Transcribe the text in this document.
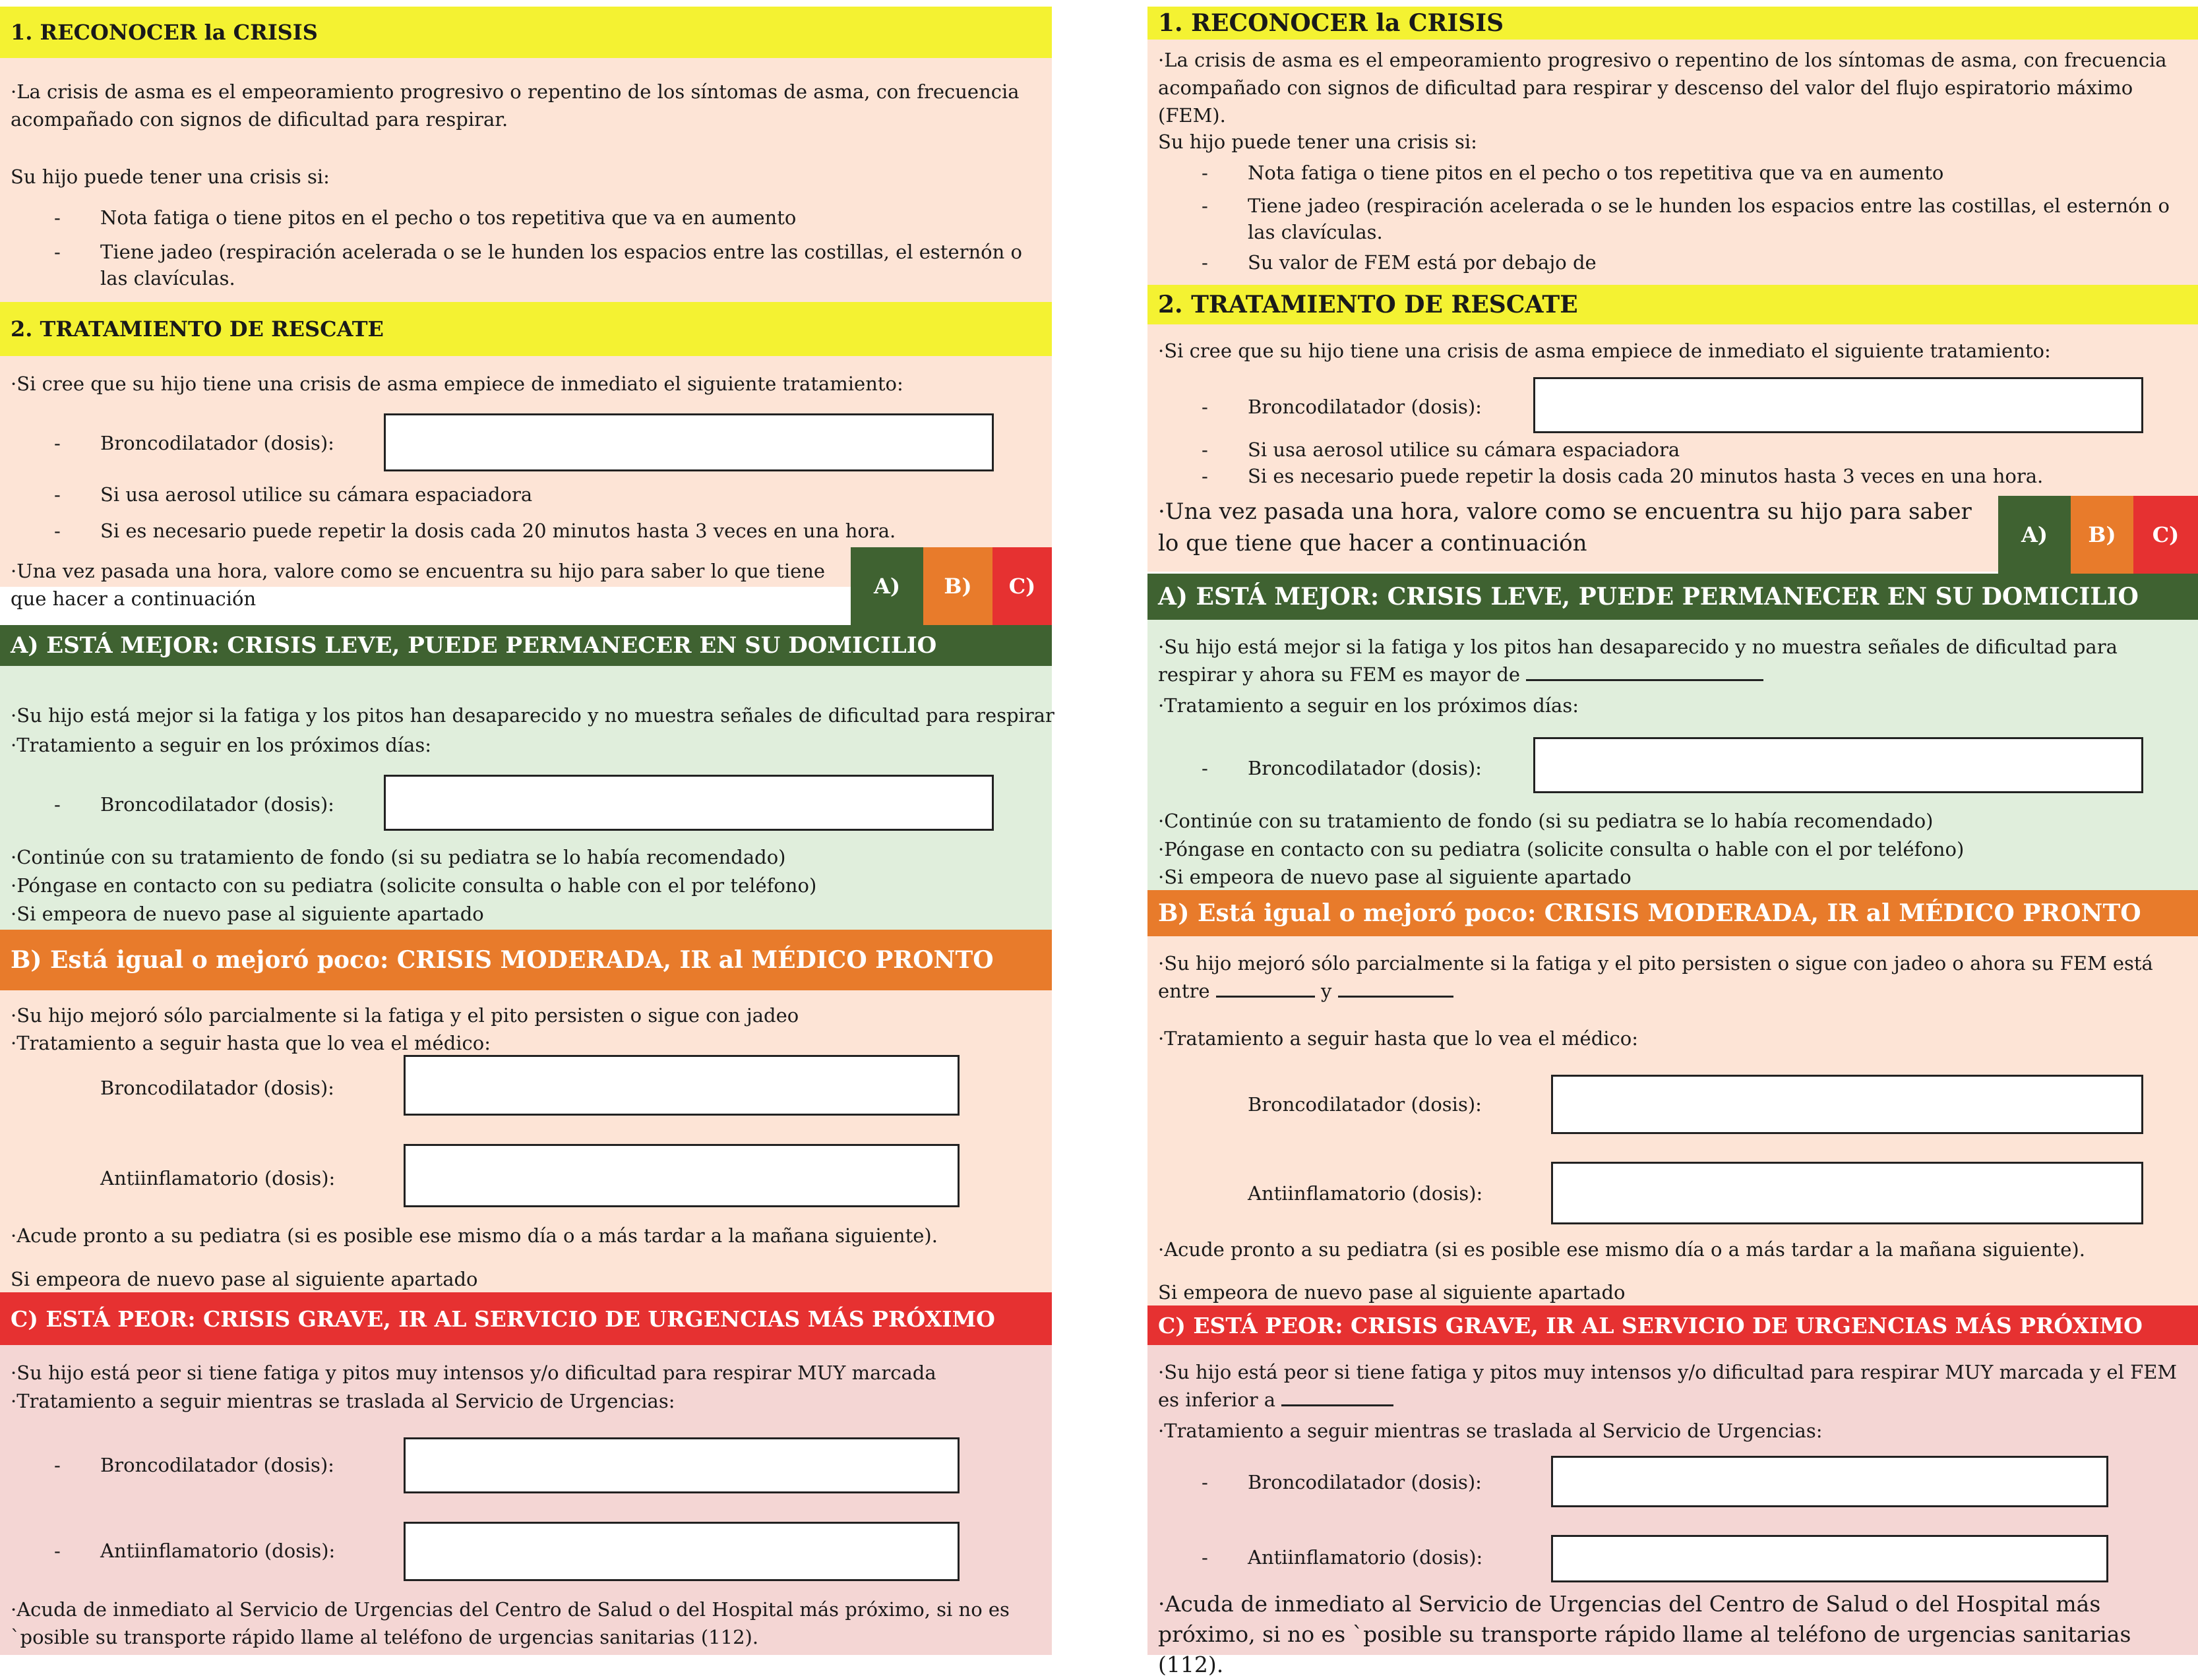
1. RECONOCER la CRISIS
·La crisis de asma es el empeoramiento progresivo o repentino de los síntomas de asma, con frecuencia acompañado con signos de dificultad para respirar.
Su hijo puede tener una crisis si:
- Nota fatiga o tiene pitos en el pecho o tos repetitiva que va en aumento
- Tiene jadeo (respiración acelerada o se le hunden los espacios entre las costillas, el esternón o las clavículas.
2. TRATAMIENTO DE RESCATE
·Si cree que su hijo tiene una crisis de asma empiece de inmediato el siguiente tratamiento:
- Broncodilatador (dosis):
- Si usa aerosol utilice su cámara espaciadora
- Si es necesario puede repetir la dosis cada 20 minutos hasta 3 veces en una hora.
·Una vez pasada una hora, valore como se encuentra su hijo para saber lo que tiene que hacer a continuación	A)	B)	C)
A) ESTÁ MEJOR: CRISIS LEVE, PUEDE PERMANECER EN SU DOMICILIO
·Su hijo está mejor si la fatiga y los pitos han desaparecido y no muestra señales de dificultad para respirar
·Tratamiento a seguir en los próximos días:
- Broncodilatador (dosis):
·Continúe con su tratamiento de fondo (si su pediatra se lo había recomendado)
·Póngase en contacto con su pediatra (solicite consulta o hable con el por teléfono)
·Si empeora de nuevo pase al siguiente apartado
B) Está igual o mejoró poco: CRISIS MODERADA, IR al MÉDICO PRONTO
·Su hijo mejoró sólo parcialmente si la fatiga y el pito persisten o sigue con jadeo
·Tratamiento a seguir hasta que lo vea el médico:
Broncodilatador (dosis):
Antiinflamatorio (dosis):
·Acude pronto a su pediatra (si es posible ese mismo día o a más tardar a la mañana siguiente).
Si empeora de nuevo pase al siguiente apartado
C) ESTÁ PEOR: CRISIS GRAVE, IR AL SERVICIO DE URGENCIAS MÁS PRÓXIMO
·Su hijo está peor si tiene fatiga y pitos muy intensos y/o dificultad para respirar MUY marcada
·Tratamiento a seguir mientras se traslada al Servicio de Urgencias:
- Broncodilatador (dosis):
- Antiinflamatorio (dosis):
·Acuda de inmediato al Servicio de Urgencias del Centro de Salud o del Hospital más próximo, si no es `posible su transporte rápido llame al teléfono de urgencias sanitarias (112).
1. RECONOCER la CRISIS
·La crisis de asma es el empeoramiento progresivo o repentino de los síntomas de asma, con frecuencia acompañado con signos de dificultad para respirar y descenso del valor del flujo espiratorio máximo (FEM).
Su hijo puede tener una crisis si:
- Nota fatiga o tiene pitos en el pecho o tos repetitiva que va en aumento
- Tiene jadeo (respiración acelerada o se le hunden los espacios entre las costillas, el esternón o las clavículas.
- Su valor de FEM está por debajo de
2. TRATAMIENTO DE RESCATE
·Si cree que su hijo tiene una crisis de asma empiece de inmediato el siguiente tratamiento:
- Broncodilatador (dosis):
- Si usa aerosol utilice su cámara espaciadora
- Si es necesario puede repetir la dosis cada 20 minutos hasta 3 veces en una hora.
·Una vez pasada una hora, valore como se encuentra su hijo para saber lo que tiene que hacer a continuación	A)	B)	C)
A) ESTÁ MEJOR: CRISIS LEVE, PUEDE PERMANECER EN SU DOMICILIO
·Su hijo está mejor si la fatiga y los pitos han desaparecido y no muestra señales de dificultad para respirar y ahora su FEM es mayor de
·Tratamiento a seguir en los próximos días:
- Broncodilatador (dosis):
·Continúe con su tratamiento de fondo (si su pediatra se lo había recomendado)
·Póngase en contacto con su pediatra (solicite consulta o hable con el por teléfono)
·Si empeora de nuevo pase al siguiente apartado
B) Está igual o mejoró poco: CRISIS MODERADA, IR al MÉDICO PRONTO
·Su hijo mejoró sólo parcialmente si la fatiga y el pito persisten o sigue con jadeo o ahora su FEM está entre	y
·Tratamiento a seguir hasta que lo vea el médico:
Broncodilatador (dosis):
Antiinflamatorio (dosis):
·Acude pronto a su pediatra (si es posible ese mismo día o a más tardar a la mañana siguiente).
Si empeora de nuevo pase al siguiente apartado
C) ESTÁ PEOR: CRISIS GRAVE, IR AL SERVICIO DE URGENCIAS MÁS PRÓXIMO
·Su hijo está peor si tiene fatiga y pitos muy intensos y/o dificultad para respirar MUY marcada y el FEM es inferior a
·Tratamiento a seguir mientras se traslada al Servicio de Urgencias:
- Broncodilatador (dosis):
- Antiinflamatorio (dosis):
·Acuda de inmediato al Servicio de Urgencias del Centro de Salud o del Hospital más próximo, si no es `posible su transporte rápido llame al teléfono de urgencias sanitarias (112).
